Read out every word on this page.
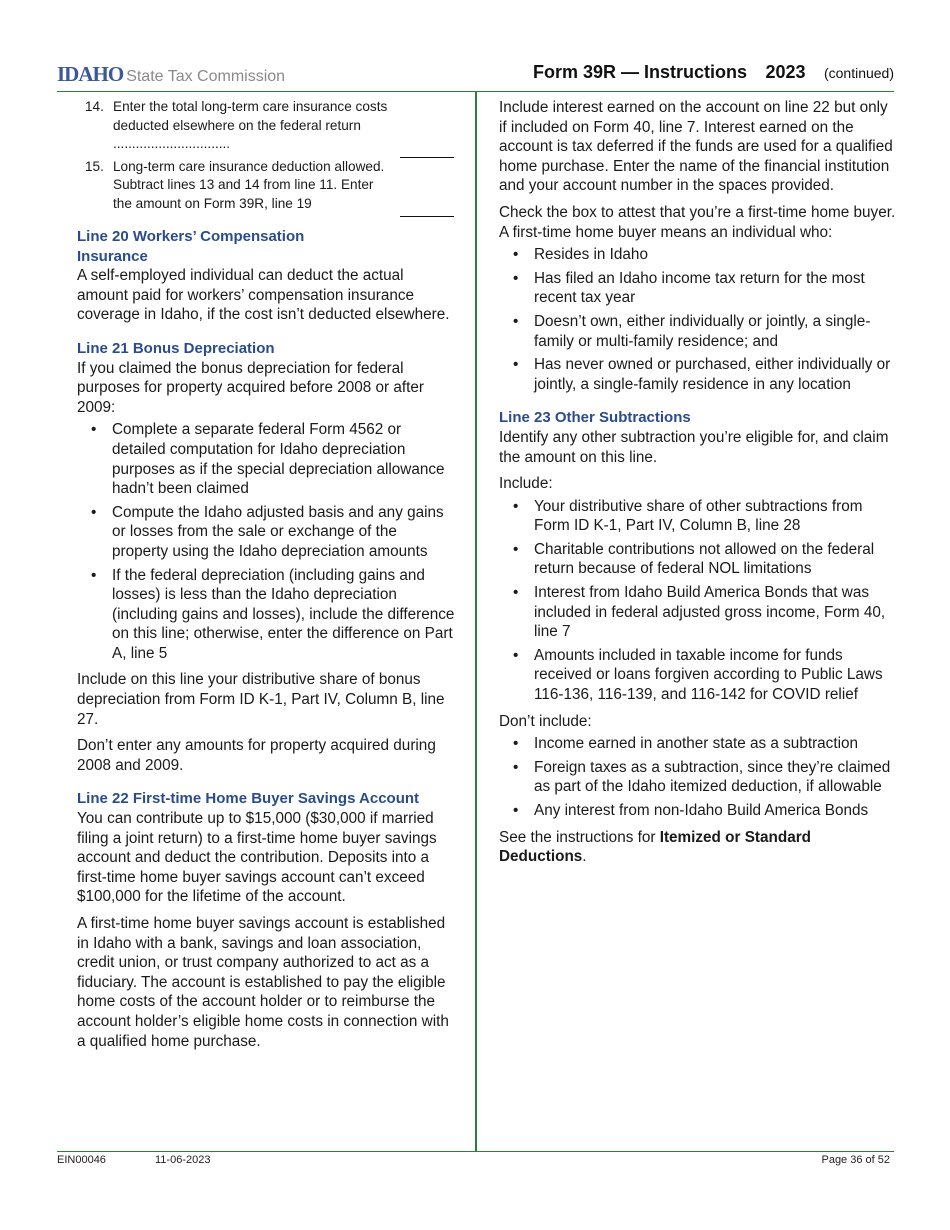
IDAHO State Tax Commission	Form 39R — Instructions 2023 (continued)
14. Enter the total long-term care insurance costs deducted elsewhere on the federal return ...............................
15. Long-term care insurance deduction allowed. Subtract lines 13 and 14 from line 11. Enter the amount on Form 39R, line 19
Line 20 Workers’ Compensation Insurance

A self-employed individual can deduct the actual amount paid for workers’ compensation insurance coverage in Idaho, if the cost isn’t deducted elsewhere.

Line 21 Bonus Depreciation

If you claimed the bonus depreciation for federal purposes for property acquired before 2008 or after 2009:

• Complete a separate federal Form 4562 or detailed computation for Idaho depreciation purposes as if the special depreciation allowance hadn’t been claimed
• Compute the Idaho adjusted basis and any gains or losses from the sale or exchange of the property using the Idaho depreciation amounts
• If the federal depreciation (including gains and losses) is less than the Idaho depreciation (including gains and losses), include the difference on this line; otherwise, enter the difference on Part A, line 5

Include on this line your distributive share of bonus depreciation from Form ID K-1, Part IV, Column B, line 27.

Don’t enter any amounts for property acquired during 2008 and 2009.

Line 22 First-time Home Buyer Savings Account

You can contribute up to $15,000 ($30,000 if married filing a joint return) to a first-time home buyer savings account and deduct the contribution. Deposits into a first-time home buyer savings account can’t exceed $100,000 for the lifetime of the account.

A first-time home buyer savings account is established in Idaho with a bank, savings and loan association, credit union, or trust company authorized to act as a fiduciary. The account is established to pay the eligible home costs of the account holder or to reimburse the account holder’s eligible home costs in connection with a qualified home purchase.

Include interest earned on the account on line 22 but only if included on Form 40, line 7. Interest earned on the account is tax deferred if the funds are used for a qualified home purchase. Enter the name of the financial institution and your account number in the spaces provided.

Check the box to attest that you’re a first-time home buyer. A first-time home buyer means an individual who:

• Resides in Idaho
• Has filed an Idaho income tax return for the most recent tax year
• Doesn’t own, either individually or jointly, a single-family or multi-family residence; and
• Has never owned or purchased, either individually or jointly, a single-family residence in any location
Line 23 Other Subtractions

Identify any other subtraction you’re eligible for, and claim the amount on this line.

Include:

• Your distributive share of other subtractions from Form ID K-1, Part IV, Column B, line 28
• Charitable contributions not allowed on the federal return because of federal NOL limitations
• Interest from Idaho Build America Bonds that was included in federal adjusted gross income, Form 40, line 7
• Amounts included in taxable income for funds received or loans forgiven according to Public Laws 116-136, 116-139, and 116-142 for COVID relief

Don’t include:

• Income earned in another state as a subtraction
• Foreign taxes as a subtraction, since they’re claimed as part of the Idaho itemized deduction, if allowable
• Any interest from non-Idaho Build America Bonds

See the instructions for Itemized or Standard Deductions.

EIN00046	11-06-2023	Page 36 of 52
